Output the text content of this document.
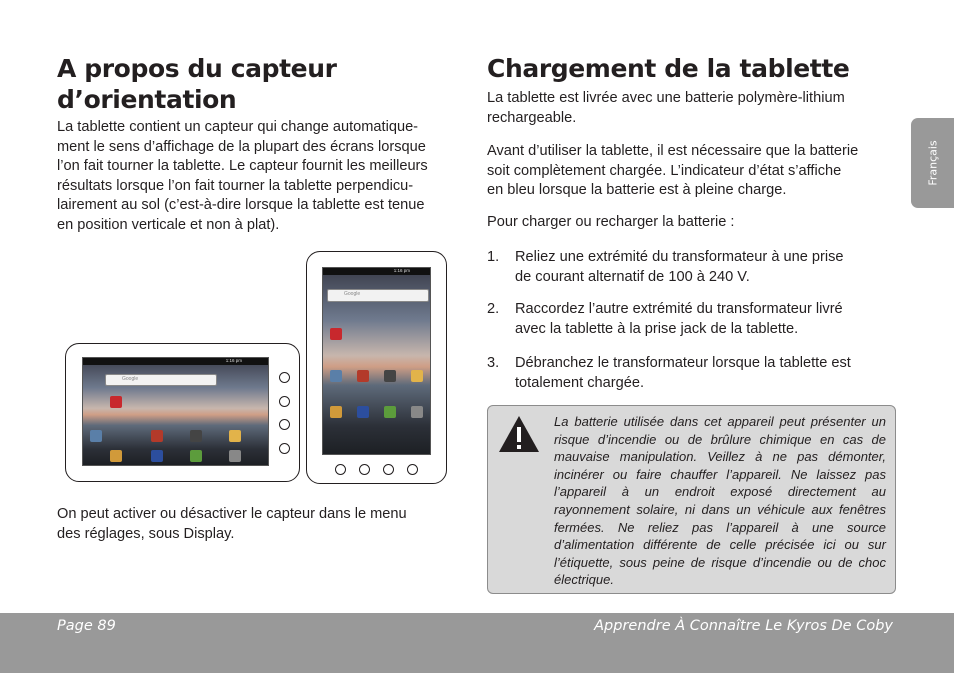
A propos du capteur d’orientation
La tablette contient un capteur qui change automatique-
ment le sens d’affichage de la plupart des écrans lorsque
l’on fait tourner la tablette. Le capteur fournit les meilleurs
résultats lorsque l’on fait tourner la tablette perpendicu-
lairement au sol (c’est-à-dire lorsque la tablette est tenue
en position verticale et non à plat).
1:16 pm
Google
1:16 pm
Google
On peut activer ou désactiver le capteur dans le menu
des réglages, sous Display.
Chargement de la tablette
La tablette est livrée avec une batterie polymère-lithium
rechargeable.
Avant d’utiliser la tablette, il est nécessaire que la batterie
soit complètement chargée. L’indicateur d’état s’affiche
en bleu lorsque la batterie est à pleine charge.
Pour charger ou recharger la batterie :
1. Reliez une extrémité du transformateur à une prise
de courant alternatif de 100 à 240 V.
2. Raccordez l’autre extrémité du transformateur livré
avec la tablette à la prise jack de la tablette.
3. Débranchez le transformateur lorsque la tablette est
totalement chargée.
La batterie utilisée dans cet appareil peut présenter un risque d’incendie ou de brûlure chimique en cas de mauvaise manipulation. Veillez à ne pas démonter, incinérer ou faire chauffer l’appareil. Ne laissez pas l’appareil à un endroit exposé directement au rayonnement solaire, ni dans un véhicule aux fenêtres fermées. Ne reliez pas l’appareil à une source d’alimentation différente de celle précisée ici ou sur l’étiquette, sous peine de risque d’incendie ou de choc électrique.
Français
Page 89	Apprendre À Connaître Le Kyros De Coby
